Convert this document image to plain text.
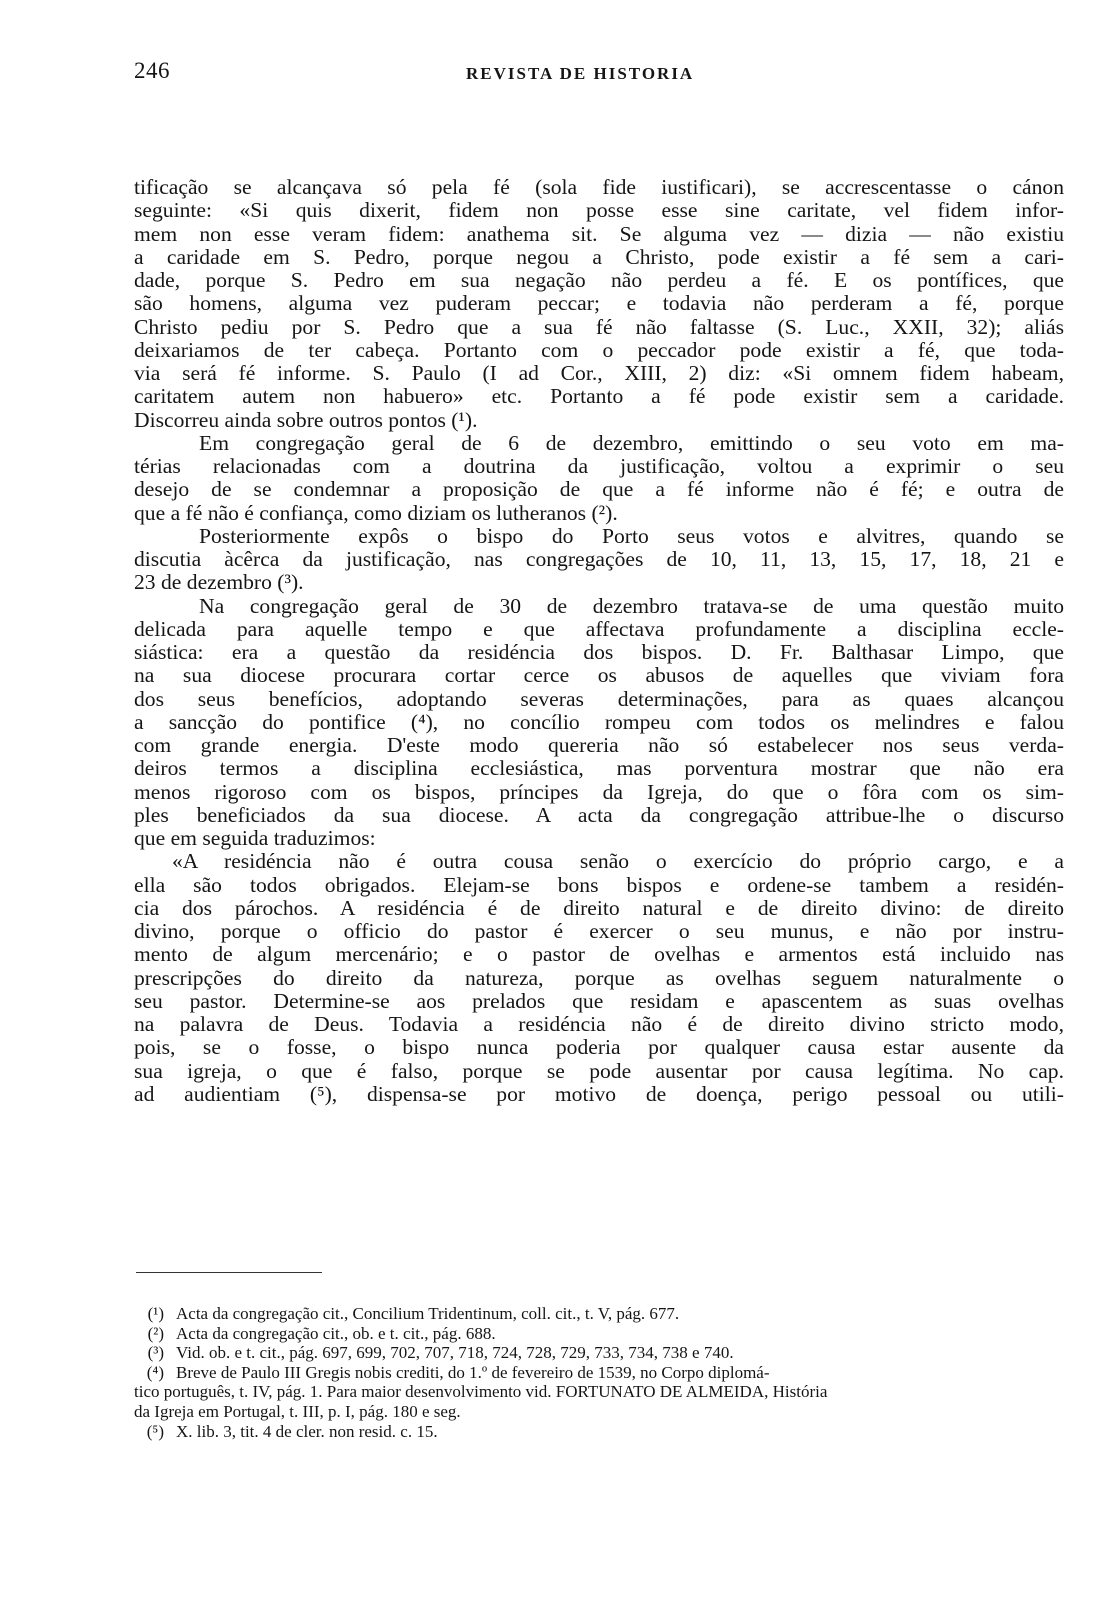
246	REVISTA DE HISTORIA
tificação se alcançava só pela fé (sola fide iustificari), se accrescentasse o cánon
seguinte: «Si quis dixerit, fidem non posse esse sine caritate, vel fidem infor-
mem non esse veram fidem: anathema sit. Se alguma vez — dizia — não existiu
a caridade em S. Pedro, porque negou a Christo, pode existir a fé sem a cari-
dade, porque S. Pedro em sua negação não perdeu a fé. E os pontífices, que
são homens, alguma vez puderam peccar; e todavia não perderam a fé, porque
Christo pediu por S. Pedro que a sua fé não faltasse (S. Luc., XXII, 32); aliás
deixariamos de ter cabeça. Portanto com o peccador pode existir a fé, que toda-
via será fé informe. S. Paulo (I ad Cor., XIII, 2) diz: «Si omnem fidem habeam,
caritatem autem non habuero» etc. Portanto a fé pode existir sem a caridade.
Discorreu ainda sobre outros pontos (¹).
Em congregação geral de 6 de dezembro, emittindo o seu voto em ma-
térias relacionadas com a doutrina da justificação, voltou a exprimir o seu
desejo de se condemnar a proposição de que a fé informe não é fé; e outra de
que a fé não é confiança, como diziam os lutheranos (²).
Posteriormente expôs o bispo do Porto seus votos e alvitres, quando se
discutia àcêrca da justificação, nas congregações de 10, 11, 13, 15, 17, 18, 21 e
23 de dezembro (³).
Na congregação geral de 30 de dezembro tratava-se de uma questão muito
delicada para aquelle tempo e que affectava profundamente a disciplina eccle-
siástica: era a questão da residéncia dos bispos. D. Fr. Balthasar Limpo, que
na sua diocese procurara cortar cerce os abusos de aquelles que viviam fora
dos seus benefícios, adoptando severas determinações, para as quaes alcançou
a sancção do pontifice (⁴), no concílio rompeu com todos os melindres e falou
com grande energia. D'este modo quereria não só estabelecer nos seus verda-
deiros termos a disciplina ecclesiástica, mas porventura mostrar que não era
menos rigoroso com os bispos, príncipes da Igreja, do que o fôra com os sim-
ples beneficiados da sua diocese. A acta da congregação attribue-lhe o discurso
que em seguida traduzimos:
«A residéncia não é outra cousa senão o exercício do próprio cargo, e a
ella são todos obrigados. Elejam-se bons bispos e ordene-se tambem a residén-
cia dos párochos. A residéncia é de direito natural e de direito divino: de direito
divino, porque o officio do pastor é exercer o seu munus, e não por instru-
mento de algum mercenário; e o pastor de ovelhas e armentos está incluido nas
prescripções do direito da natureza, porque as ovelhas seguem naturalmente o
seu pastor. Determine-se aos prelados que residam e apascentem as suas ovelhas
na palavra de Deus. Todavia a residéncia não é de direito divino stricto modo,
pois, se o fosse, o bispo nunca poderia por qualquer causa estar ausente da
sua igreja, o que é falso, porque se pode ausentar por causa legítima. No cap.
ad audientiam (⁵), dispensa-se por motivo de doença, perigo pessoal ou utili-
(¹) Acta da congregação cit., Concilium Tridentinum, coll. cit., t. V, pág. 677.
(²) Acta da congregação cit., ob. e t. cit., pág. 688.
(³) Vid. ob. e t. cit., pág. 697, 699, 702, 707, 718, 724, 728, 729, 733, 734, 738 e 740.
(⁴) Breve de Paulo III Gregis nobis crediti, do 1.º de fevereiro de 1539, no Corpo diplomá-
tico português, t. IV, pág. 1. Para maior desenvolvimento vid. FORTUNATO DE ALMEIDA, História
da Igreja em Portugal, t. III, p. I, pág. 180 e seg.
(⁵) X. lib. 3, tit. 4 de cler. non resid. c. 15.
